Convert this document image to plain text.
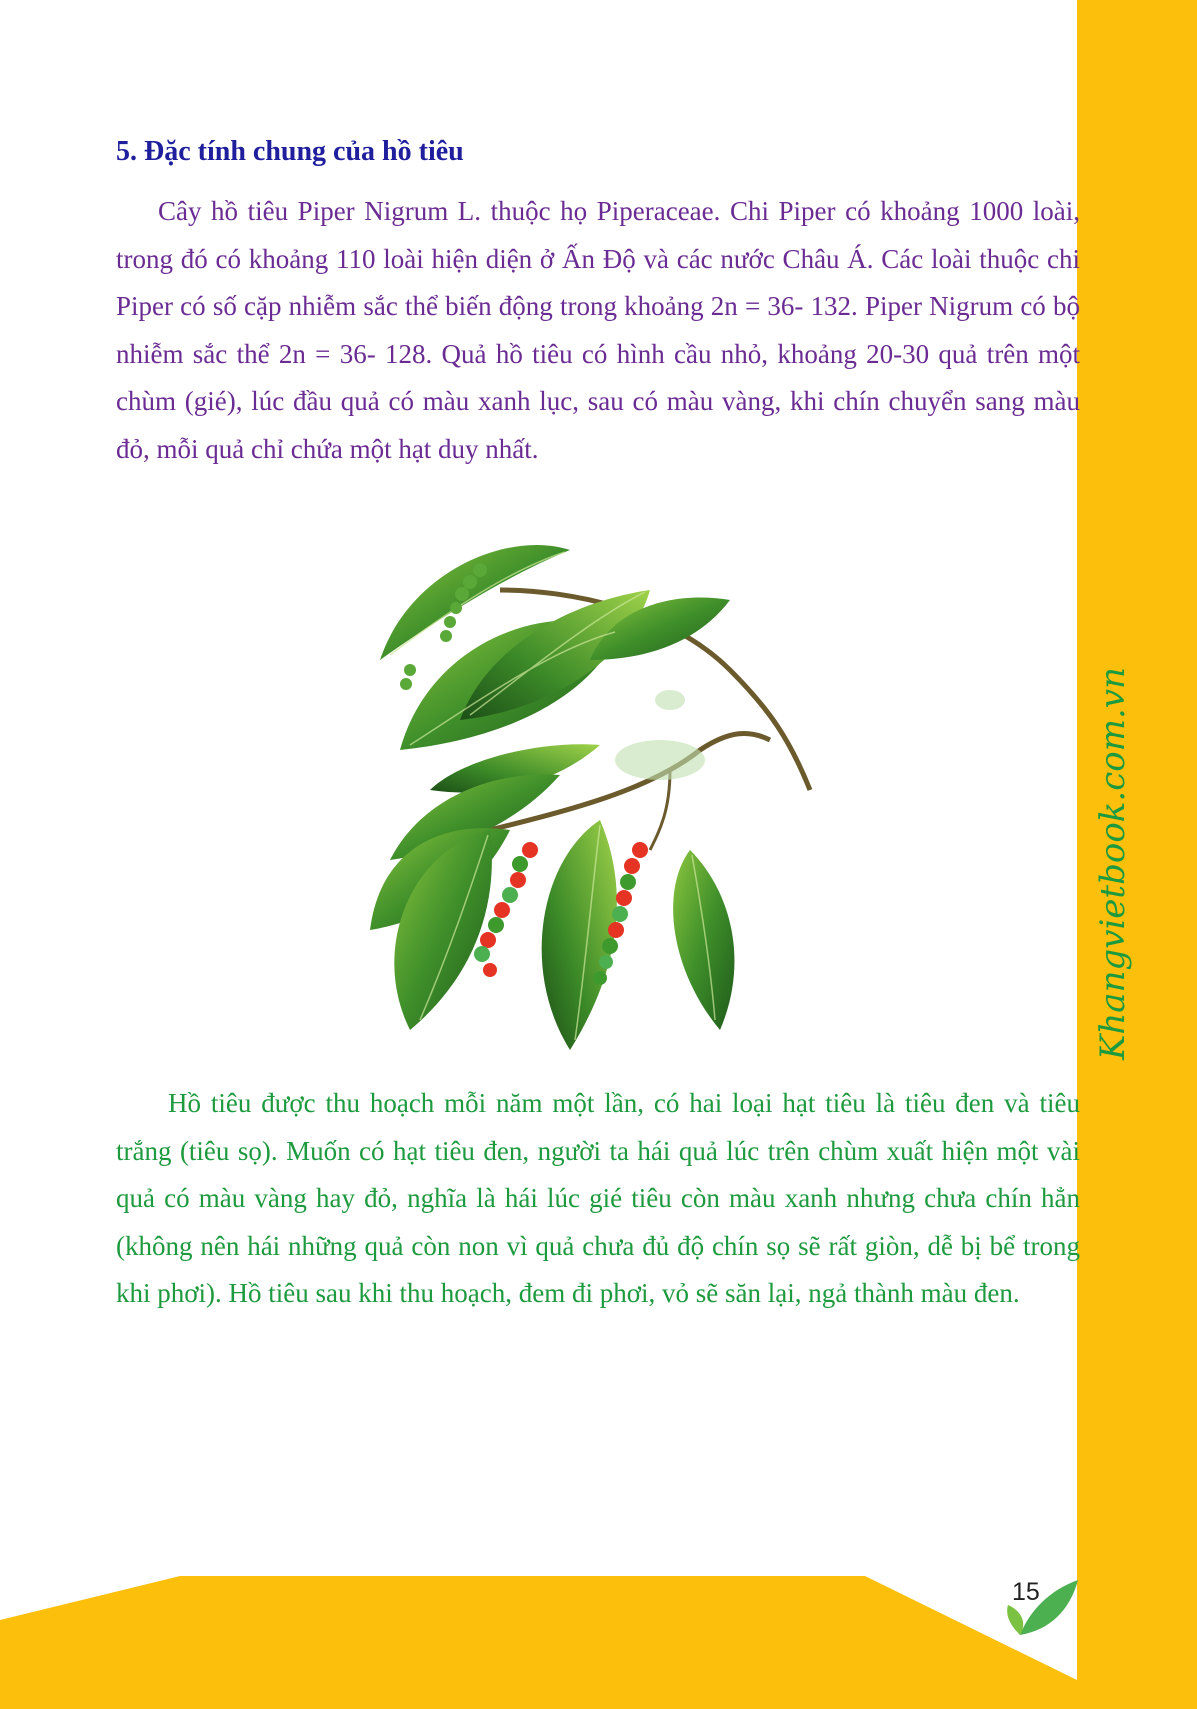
5. Đặc tính chung của hồ tiêu

Cây hồ tiêu Piper Nigrum L. thuộc họ Piperaceae. Chi Piper có khoảng 1000 loài, trong đó có khoảng 110 loài hiện diện ở Ấn Độ và các nước Châu Á. Các loài thuộc chi Piper có số cặp nhiễm sắc thể biến động trong khoảng 2n = 36- 132. Piper Nigrum có bộ nhiễm sắc thể 2n = 36- 128. Quả hồ tiêu có hình cầu nhỏ, khoảng 20-30 quả trên một chùm (gié), lúc đầu quả có màu xanh lục, sau có màu vàng, khi chín chuyển sang màu đỏ, mỗi quả chỉ chứa một hạt duy nhất.

Hồ tiêu được thu hoạch mỗi năm một lần, có hai loại hạt tiêu là tiêu đen và tiêu trắng (tiêu sọ). Muốn có hạt tiêu đen, người ta hái quả lúc trên chùm xuất hiện một vài quả có màu vàng hay đỏ, nghĩa là hái lúc gié tiêu còn màu xanh nhưng chưa chín hẳn (không nên hái những quả còn non vì quả chưa đủ độ chín sọ sẽ rất giòn, dễ bị bể trong khi phơi). Hồ tiêu sau khi thu hoạch, đem đi phơi, vỏ sẽ săn lại, ngả thành màu đen.

Khangvietbook.com.vn
15
